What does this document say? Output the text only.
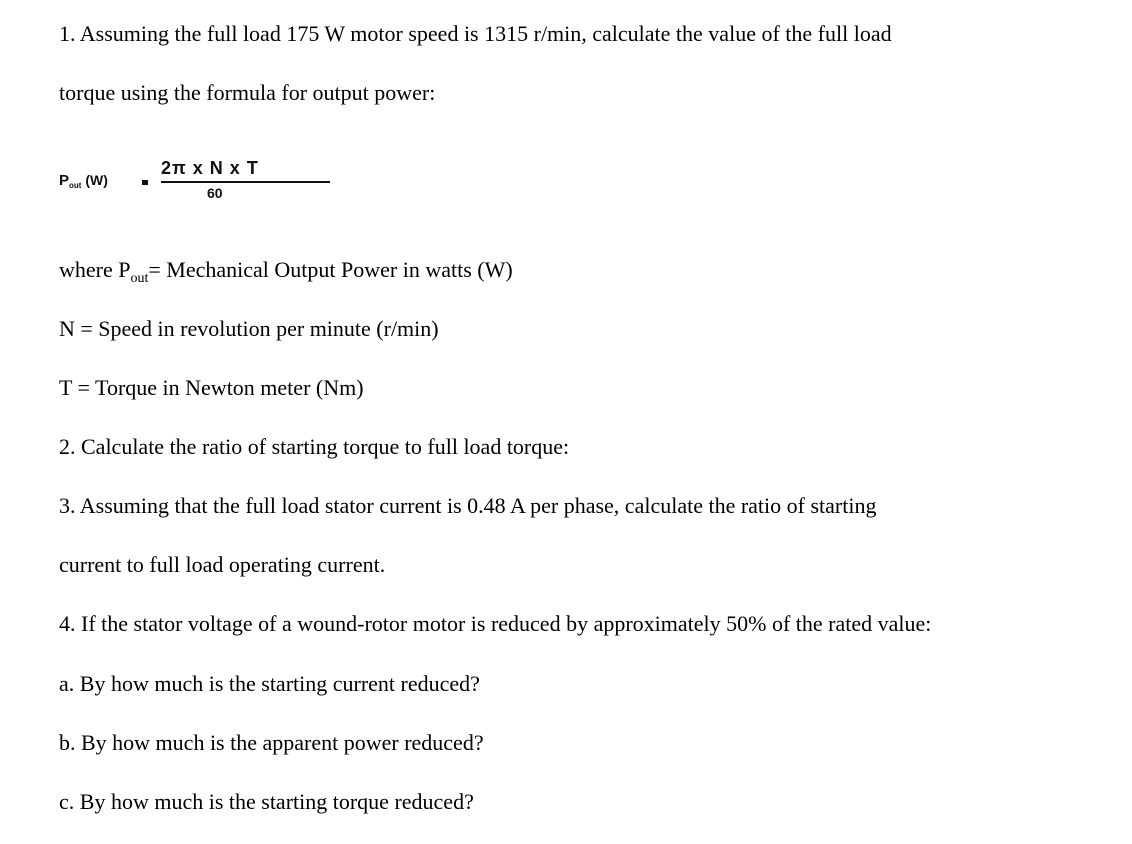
1. Assuming the full load 175 W motor speed is 1315 r/min, calculate the value of the full load
torque using the formula for output power:
$P_{out}$ (W)
2π x N x T
60
where $P_{out}=$ Mechanical Output Power in watts (W)
N = Speed in revolution per minute (r/min)
T = Torque in Newton meter (Nm)
2. Calculate the ratio of starting torque to full load torque:
3. Assuming that the full load stator current is 0.48 A per phase, calculate the ratio of starting
current to full load operating current.
4. If the stator voltage of a wound-rotor motor is reduced by approximately 50% of the rated value:
a. By how much is the starting current reduced?
b. By how much is the apparent power reduced?
c. By how much is the starting torque reduced?
